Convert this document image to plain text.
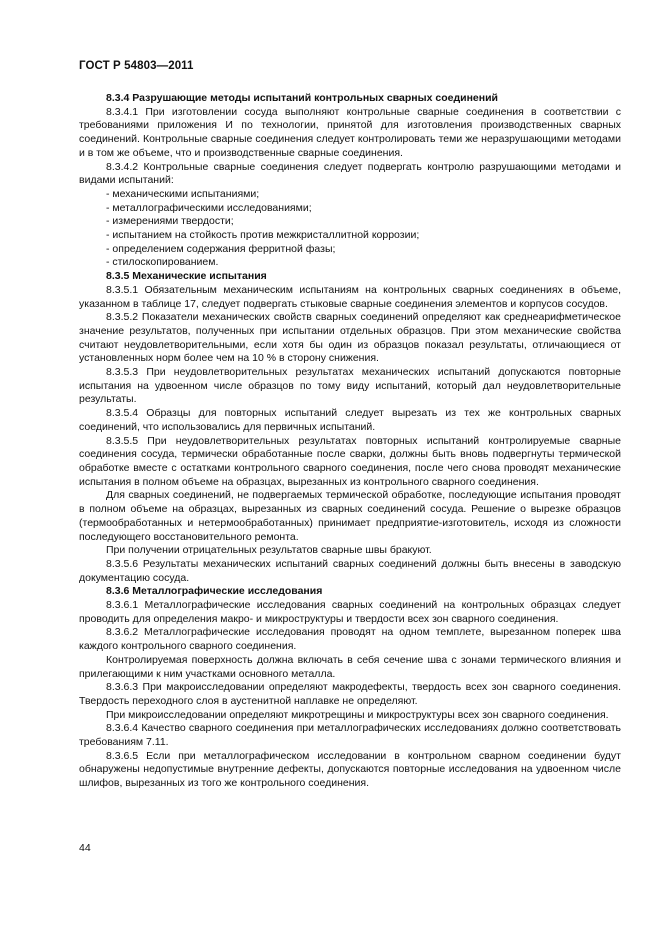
ГОСТ Р 54803—2011
8.3.4 Разрушающие методы испытаний контрольных сварных соединений
8.3.4.1 При изготовлении сосуда выполняют контрольные сварные соединения в соответствии с требованиями приложения И по технологии, принятой для изготовления производственных сварных соединений. Контрольные сварные соединения следует контролировать теми же неразрушающими методами и в том же объеме, что и производственные сварные соединения.
8.3.4.2 Контрольные сварные соединения следует подвергать контролю разрушающими методами и видами испытаний:
- механическими испытаниями;
- металлографическими исследованиями;
- измерениями твердости;
- испытанием на стойкость против межкристаллитной коррозии;
- определением содержания ферритной фазы;
- стилоскопированием.
8.3.5 Механические испытания
8.3.5.1 Обязательным механическим испытаниям на контрольных сварных соединениях в объеме, указанном в таблице 17, следует подвергать стыковые сварные соединения элементов и корпусов сосудов.
8.3.5.2 Показатели механических свойств сварных соединений определяют как среднеарифметическое значение результатов, полученных при испытании отдельных образцов. При этом механические свойства считают неудовлетворительными, если хотя бы один из образцов показал результаты, отличающиеся от установленных норм более чем на 10 % в сторону снижения.
8.3.5.3 При неудовлетворительных результатах механических испытаний допускаются повторные испытания на удвоенном числе образцов по тому виду испытаний, который дал неудовлетворительные результаты.
8.3.5.4 Образцы для повторных испытаний следует вырезать из тех же контрольных сварных соединений, что использовались для первичных испытаний.
8.3.5.5 При неудовлетворительных результатах повторных испытаний контролируемые сварные соединения сосуда, термически обработанные после сварки, должны быть вновь подвергнуты термической обработке вместе с остатками контрольного сварного соединения, после чего снова проводят механические испытания в полном объеме на образцах, вырезанных из контрольного сварного соединения.
Для сварных соединений, не подвергаемых термической обработке, последующие испытания проводят в полном объеме на образцах, вырезанных из сварных соединений сосуда. Решение о вырезке образцов (термообработанных и нетермообработанных) принимает предприятие-изготовитель, исходя из сложности последующего восстановительного ремонта.
При получении отрицательных результатов сварные швы бракуют.
8.3.5.6 Результаты механических испытаний сварных соединений должны быть внесены в заводскую документацию сосуда.
8.3.6 Металлографические исследования
8.3.6.1 Металлографические исследования сварных соединений на контрольных образцах следует проводить для определения макро- и микроструктуры и твердости всех зон сварного соединения.
8.3.6.2 Металлографические исследования проводят на одном темплете, вырезанном поперек шва каждого контрольного сварного соединения.
Контролируемая поверхность должна включать в себя сечение шва с зонами термического влияния и прилегающими к ним участками основного металла.
8.3.6.3 При макроисследовании определяют макродефекты, твердость всех зон сварного соединения. Твердость переходного слоя в аустенитной наплавке не определяют.
При микроисследовании определяют микротрещины и микроструктуры всех зон сварного соединения.
8.3.6.4 Качество сварного соединения при металлографических исследованиях должно соответствовать требованиям 7.11.
8.3.6.5 Если при металлографическом исследовании в контрольном сварном соединении будут обнаружены недопустимые внутренние дефекты, допускаются повторные исследования на удвоенном числе шлифов, вырезанных из того же контрольного соединения.
44
